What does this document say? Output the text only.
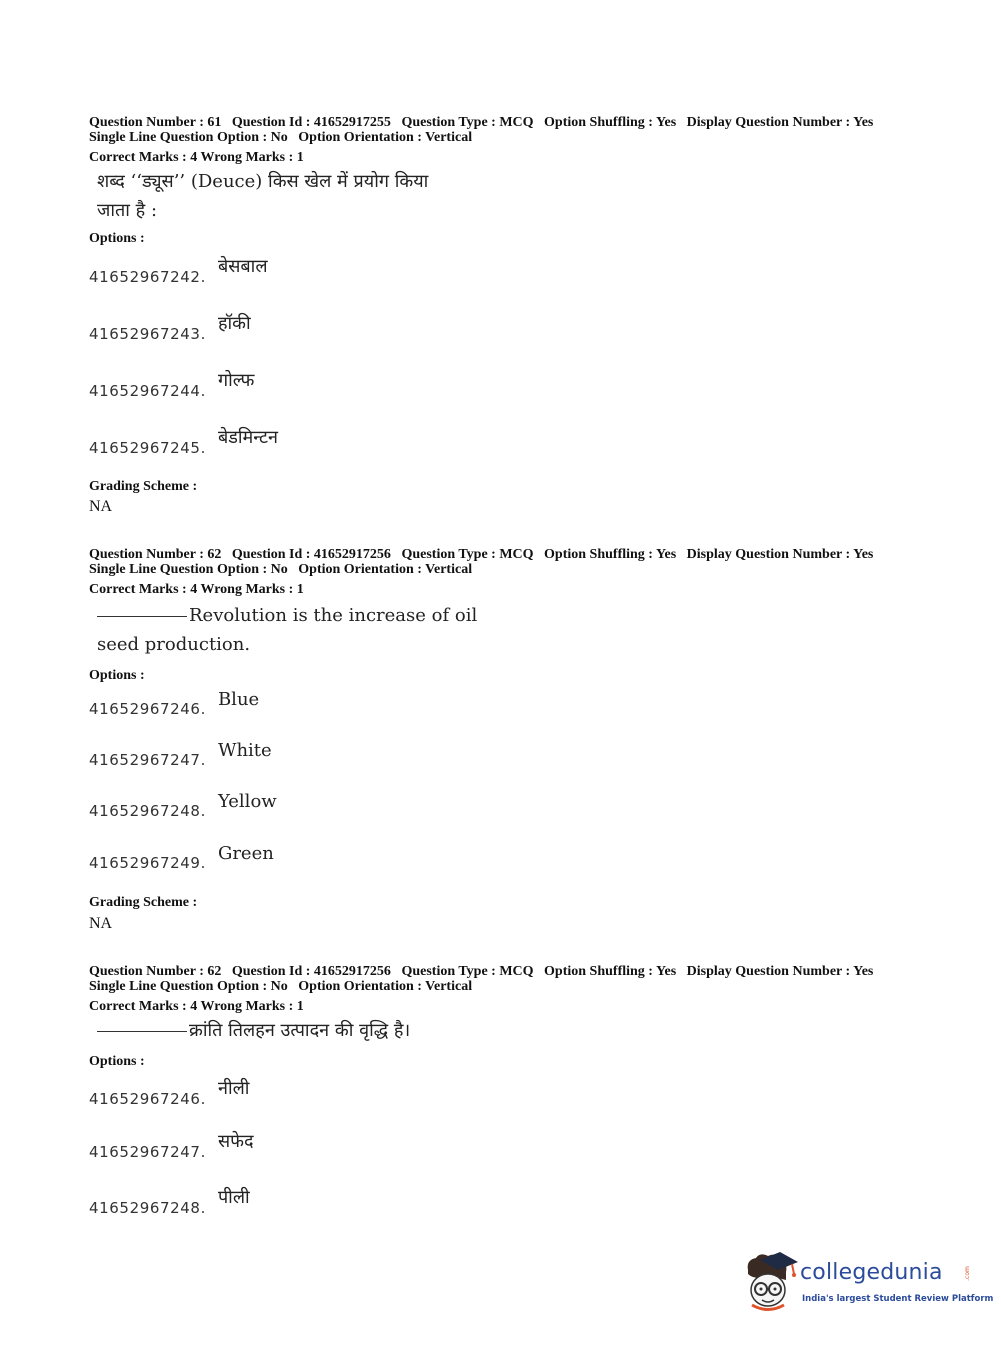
Question Number : 61 Question Id : 41652917255 Question Type : MCQ Option Shuffling : Yes Display Question Number : Yes
Single Line Question Option : No Option Orientation : Vertical
Correct Marks : 4 Wrong Marks : 1
शब्द ‘‘ड्यूस’’ (Deuce) किस खेल में प्रयोग किया
जाता है :
Options :
41652967242. बेसबाल
41652967243. हॉकी
41652967244. गोल्फ
41652967245. बेडमिन्टन
Grading Scheme :
NA
Question Number : 62 Question Id : 41652917256 Question Type : MCQ Option Shuffling : Yes Display Question Number : Yes
Single Line Question Option : No Option Orientation : Vertical
Correct Marks : 4 Wrong Marks : 1
Revolution is the increase of oil
seed production.
Options :
41652967246. Blue
41652967247. White
41652967248. Yellow
41652967249. Green
Grading Scheme :
NA
Question Number : 62 Question Id : 41652917256 Question Type : MCQ Option Shuffling : Yes Display Question Number : Yes
Single Line Question Option : No Option Orientation : Vertical
Correct Marks : 4 Wrong Marks : 1
क्रांति तिलहन उत्पादन की वृद्धि है।
Options :
41652967246. नीली
41652967247. सफेद
41652967248. पीली
collegedunia	.com
India's largest Student Review Platform
